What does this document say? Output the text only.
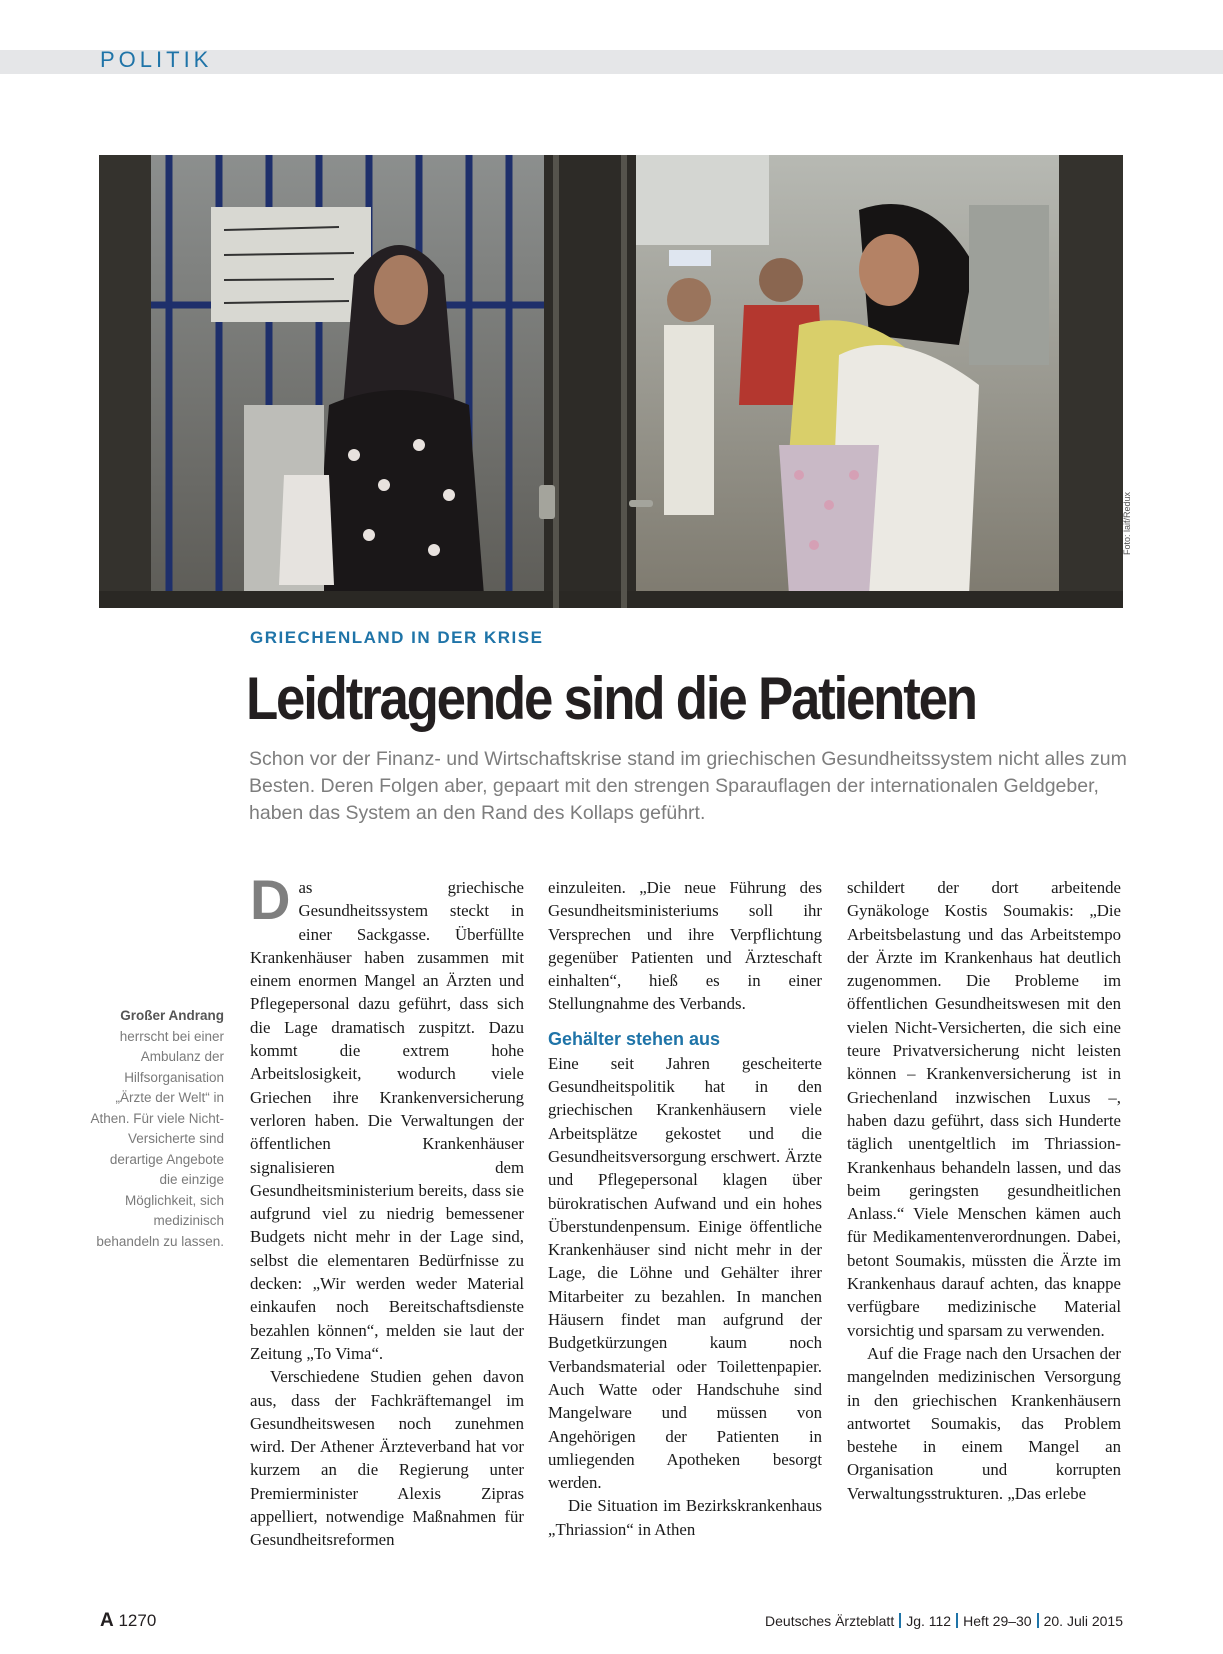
POLITIK
Foto: laif/Redux
GRIECHENLAND IN DER KRISE
Leidtragende sind die Patienten
Schon vor der Finanz- und Wirtschaftskrise stand im griechischen Gesundheitssystem nicht alles zum Besten. Deren Folgen aber, gepaart mit den strengen Sparauflagen der internationalen Geldgeber, haben das System an den Rand des Kollaps geführt.
Großer Andrang
herrscht bei einer Ambulanz der Hilfsorganisation „Ärzte der Welt“ in Athen. Für viele Nicht-Versicherte sind derartige Angebote die einzige Möglichkeit, sich medizinisch behandeln zu lassen.

Das griechische Gesundheitssystem steckt in einer Sackgasse. Überfüllte Krankenhäuser haben zusammen mit einem enormen Mangel an Ärzten und Pflegepersonal dazu geführt, dass sich die Lage dramatisch zuspitzt. Dazu kommt die extrem hohe Arbeitslosigkeit, wodurch viele Griechen ihre Krankenversicherung verloren haben. Die Verwaltungen der öffentlichen Krankenhäuser signalisieren dem Gesundheitsministerium bereits, dass sie aufgrund viel zu niedrig bemessener Budgets nicht mehr in der Lage sind, selbst die elementaren Bedürfnisse zu decken: „Wir werden weder Material einkaufen noch Bereitschaftsdienste bezahlen können“, melden sie laut der Zeitung „To Vima“.

Verschiedene Studien gehen davon aus, dass der Fachkräftemangel im Gesundheitswesen noch zunehmen wird. Der Athener Ärzteverband hat vor kurzem an die Regierung unter Premierminister Alexis Zipras appelliert, notwendige Maßnahmen für Gesundheitsreformen

einzuleiten. „Die neue Führung des Gesundheitsministeriums soll ihr Versprechen und ihre Verpflichtung gegenüber Patienten und Ärzteschaft einhalten“, hieß es in einer Stellungnahme des Verbands.

Gehälter stehen aus

Eine seit Jahren gescheiterte Gesundheitspolitik hat in den griechischen Krankenhäusern viele Arbeitsplätze gekostet und die Gesundheitsversorgung erschwert. Ärzte und Pflegepersonal klagen über bürokratischen Aufwand und ein hohes Überstundenpensum. Einige öffentliche Krankenhäuser sind nicht mehr in der Lage, die Löhne und Gehälter ihrer Mitarbeiter zu bezahlen. In manchen Häusern findet man aufgrund der Budgetkürzungen kaum noch Verbandsmaterial oder Toilettenpapier. Auch Watte oder Handschuhe sind Mangelware und müssen von Angehörigen der Patienten in umliegenden Apotheken besorgt werden.

Die Situation im Bezirkskrankenhaus „Thriassion“ in Athen

schildert der dort arbeitende Gynäkologe Kostis Soumakis: „Die Arbeitsbelastung und das Arbeitstempo der Ärzte im Krankenhaus hat deutlich zugenommen. Die Probleme im öffentlichen Gesundheitswesen mit den vielen Nicht-Versicherten, die sich eine teure Privatversicherung nicht leisten können – Krankenversicherung ist in Griechenland inzwischen Luxus –, haben dazu geführt, dass sich Hunderte täglich unentgeltlich im Thriassion-Krankenhaus behandeln lassen, und das beim geringsten gesundheitlichen Anlass.“ Viele Menschen kämen auch für Medikamentenverordnungen. Dabei, betont Soumakis, müssten die Ärzte im Krankenhaus darauf achten, das knappe verfügbare medizinische Material vorsichtig und sparsam zu verwenden.

Auf die Frage nach den Ursachen der mangelnden medizinischen Versorgung in den griechischen Krankenhäusern antwortet Soumakis, das Problem bestehe in einem Mangel an Organisation und korrupten Verwaltungsstrukturen. „Das erlebe

A 1270	Deutsches Ärzteblatt Jg. 112 Heft 29–30 20. Juli 2015
